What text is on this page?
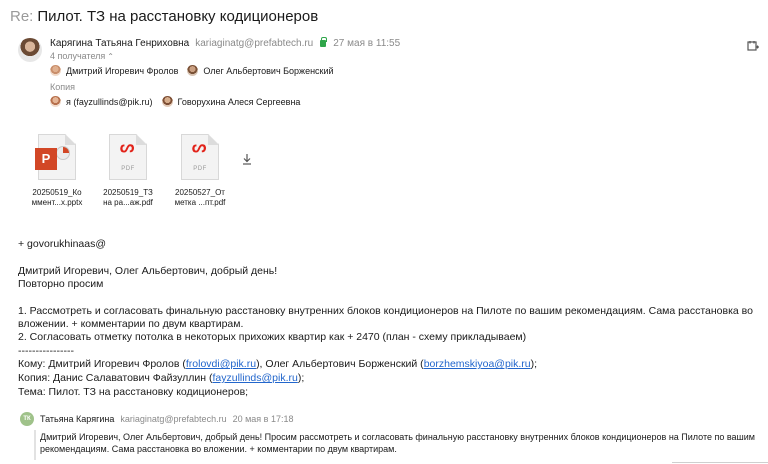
Re: Пилот. ТЗ на расстановку кодиционеров
Карягина Татьяна Генриховна kariaginatg@prefabtech.ru 27 мая в 11:55
4 получателя ⌃
Дмитрий Игоревич Фролов	Олег Альбертович Борженский
Копия
я (fayzullinds@pik.ru)	Говорухина Алеся Сергеевна
P
20250519_Ко
ммент...x.pptx
ᔕ
PDF
20250519_ТЗ
на ра...аж.pdf
ᔕ
PDF
20250527_От
метка ...пт.pdf
+ govorukhinaas@
Дмитрий Игоревич, Олег Альбертович, добрый день!
Повторно просим
1. Рассмотреть и согласовать финальную расстановку внутренних блоков кондиционеров на Пилоте по вашим рекомендациям. Сама расстановка во
вложении. + комментарии по двум квартирам.
2. Согласовать отметку потолка в некоторых прихожих квартир как + 2470 (план - схему прикладываем)
----------------
Кому: Дмитрий Игоревич Фролов (frolovdi@pik.ru), Олег Альбертович Борженский (borzhemskiyoa@pik.ru);
Копия: Данис Салаватович Файзуллин (fayzullinds@pik.ru);
Тема: Пилот. ТЗ на расстановку кодиционеров;
ТК	Татьяна Карягина kariaginatg@prefabtech.ru 20 мая в 17:18
Дмитрий Игоревич, Олег Альбертович, добрый день! Просим рассмотреть и согласовать финальную расстановку внутренних блоков кондиционеров на Пилоте по вашим
рекомендациям. Сама расстановка во вложении. + комментарии по двум квартирам.
